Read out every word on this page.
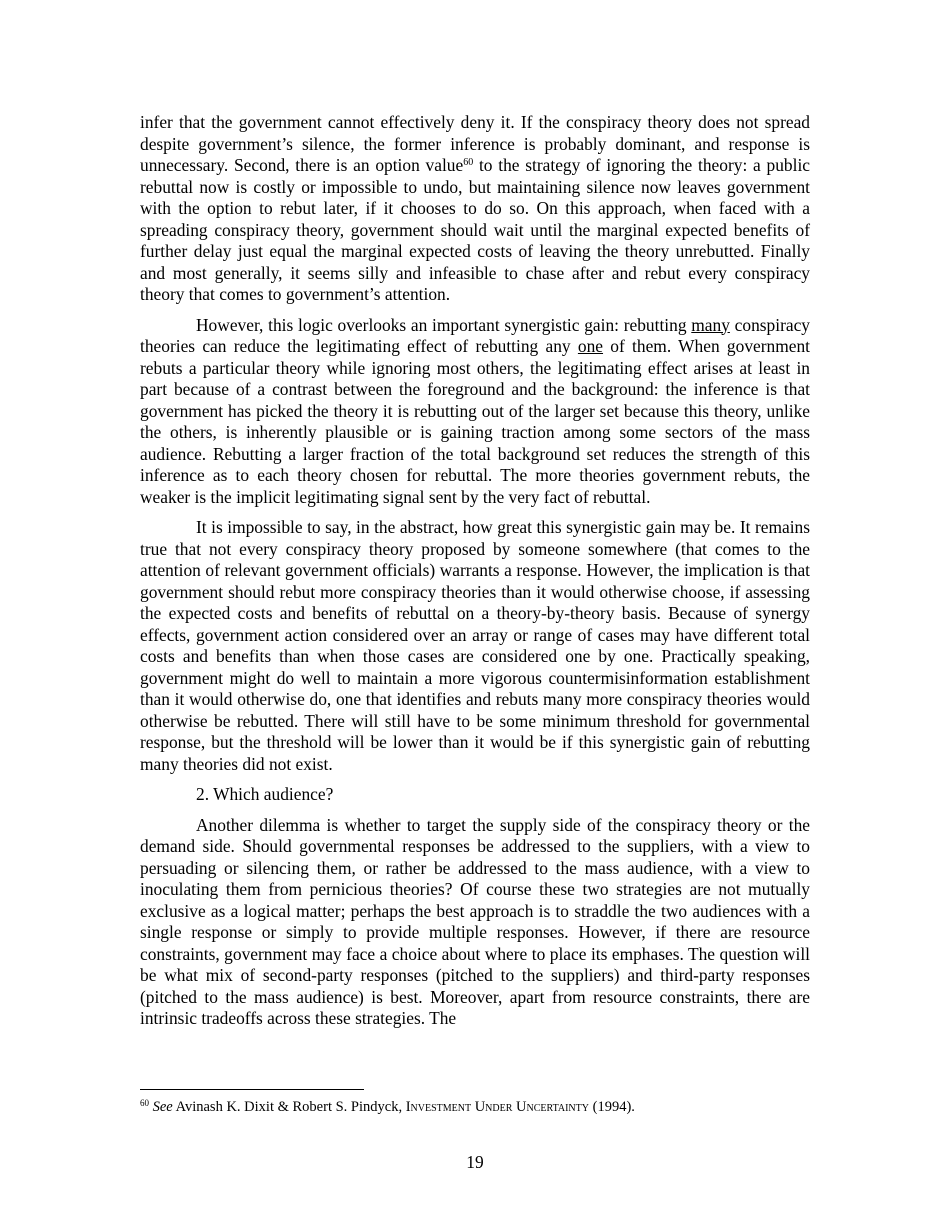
infer that the government cannot effectively deny it. If the conspiracy theory does not spread despite government’s silence, the former inference is probably dominant, and response is unnecessary. Second, there is an option value$^{60}$ to the strategy of ignoring the theory: a public rebuttal now is costly or impossible to undo, but maintaining silence now leaves government with the option to rebut later, if it chooses to do so. On this approach, when faced with a spreading conspiracy theory, government should wait until the marginal expected benefits of further delay just equal the marginal expected costs of leaving the theory unrebutted. Finally and most generally, it seems silly and infeasible to chase after and rebut every conspiracy theory that comes to government’s attention.

However, this logic overlooks an important synergistic gain: rebutting many conspiracy theories can reduce the legitimating effect of rebutting any one of them. When government rebuts a particular theory while ignoring most others, the legitimating effect arises at least in part because of a contrast between the foreground and the background: the inference is that government has picked the theory it is rebutting out of the larger set because this theory, unlike the others, is inherently plausible or is gaining traction among some sectors of the mass audience. Rebutting a larger fraction of the total background set reduces the strength of this inference as to each theory chosen for rebuttal. The more theories government rebuts, the weaker is the implicit legitimating signal sent by the very fact of rebuttal.

It is impossible to say, in the abstract, how great this synergistic gain may be. It remains true that not every conspiracy theory proposed by someone somewhere (that comes to the attention of relevant government officials) warrants a response. However, the implication is that government should rebut more conspiracy theories than it would otherwise choose, if assessing the expected costs and benefits of rebuttal on a theory-by-theory basis. Because of synergy effects, government action considered over an array or range of cases may have different total costs and benefits than when those cases are considered one by one. Practically speaking, government might do well to maintain a more vigorous countermisinformation establishment than it would otherwise do, one that identifies and rebuts many more conspiracy theories would otherwise be rebutted. There will still have to be some minimum threshold for governmental response, but the threshold will be lower than it would be if this synergistic gain of rebutting many theories did not exist.

2. Which audience?

Another dilemma is whether to target the supply side of the conspiracy theory or the demand side. Should governmental responses be addressed to the suppliers, with a view to persuading or silencing them, or rather be addressed to the mass audience, with a view to inoculating them from pernicious theories? Of course these two strategies are not mutually exclusive as a logical matter; perhaps the best approach is to straddle the two audiences with a single response or simply to provide multiple responses. However, if there are resource constraints, government may face a choice about where to place its emphases. The question will be what mix of second-party responses (pitched to the suppliers) and third-party responses (pitched to the mass audience) is best. Moreover, apart from resource constraints, there are intrinsic tradeoffs across these strategies. The

$^{60}$ See Avinash K. Dixit & Robert S. Pindyck, Investment Under Uncertainty (1994).
19
